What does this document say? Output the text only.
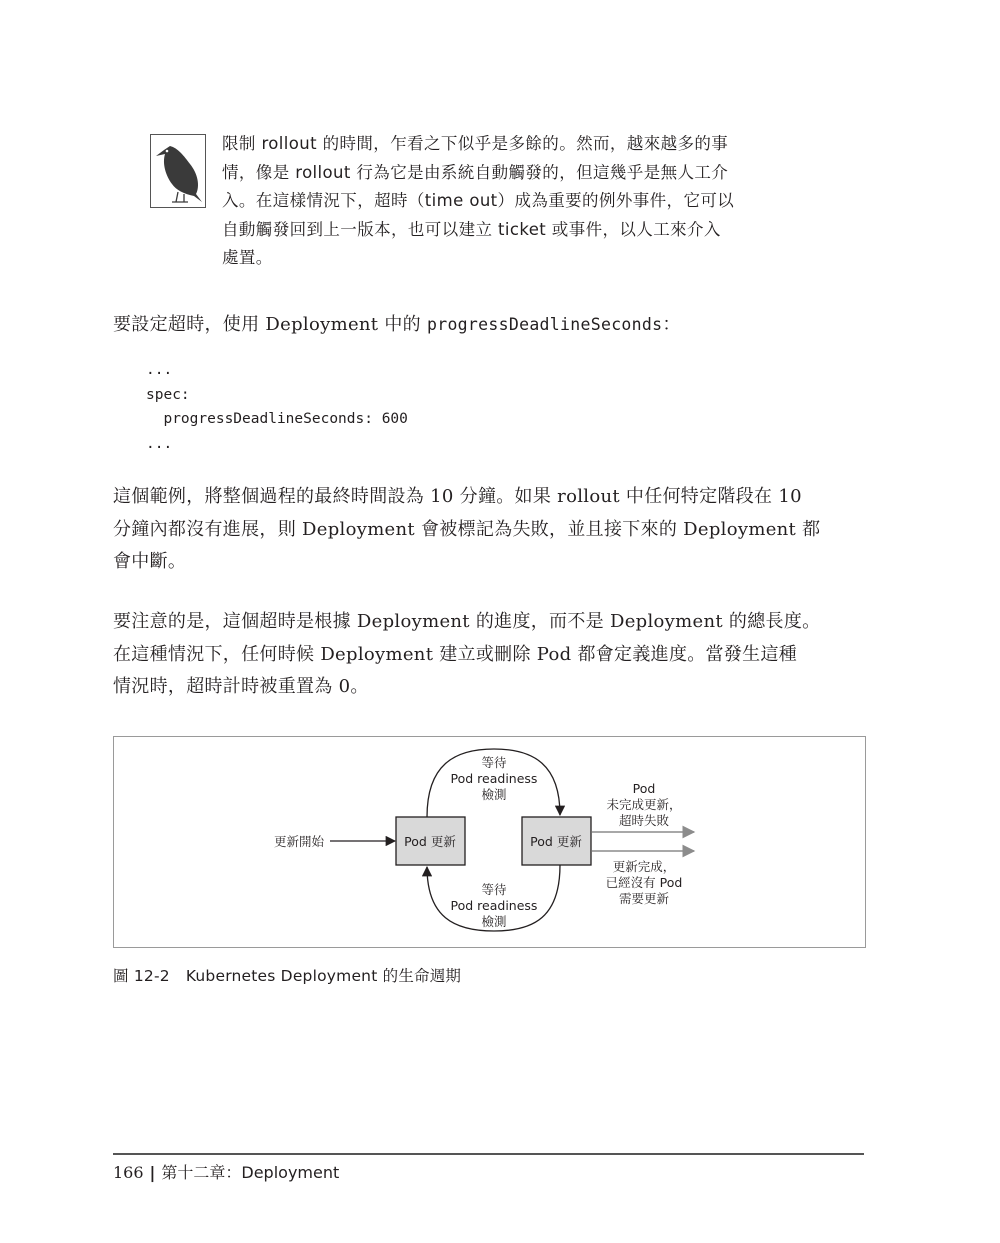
限制 rollout 的時間，乍看之下似乎是多餘的。然而，越來越多的事
情，像是 rollout 行為它是由系統自動觸發的，但這幾乎是無人工介
入。在這樣情況下，超時（time out）成為重要的例外事件，它可以
自動觸發回到上一版本，也可以建立 ticket 或事件，以人工來介入
處置。
要設定超時，使用 Deployment 中的 progressDeadlineSeconds：
...
spec:
progressDeadlineSeconds: 600
...
這個範例，將整個過程的最終時間設為 10 分鐘。如果 rollout 中任何特定階段在 10
分鐘內都沒有進展，則 Deployment 會被標記為失敗，並且接下來的 Deployment 都
會中斷。
要注意的是，這個超時是根據 Deployment 的進度，而不是 Deployment 的總長度。
在這種情況下，任何時候 Deployment 建立或刪除 Pod 都會定義進度。當發生這種
情況時，超時計時被重置為 0。
更新開始	Pod 更新	Pod 更新
等待
Pod readiness
檢測
等待
Pod readiness
檢測
Pod
未完成更新，
超時失敗
更新完成，
已經沒有 Pod
需要更新
圖 12-2 Kubernetes Deployment 的生命週期
166 | 第十二章：Deployment
